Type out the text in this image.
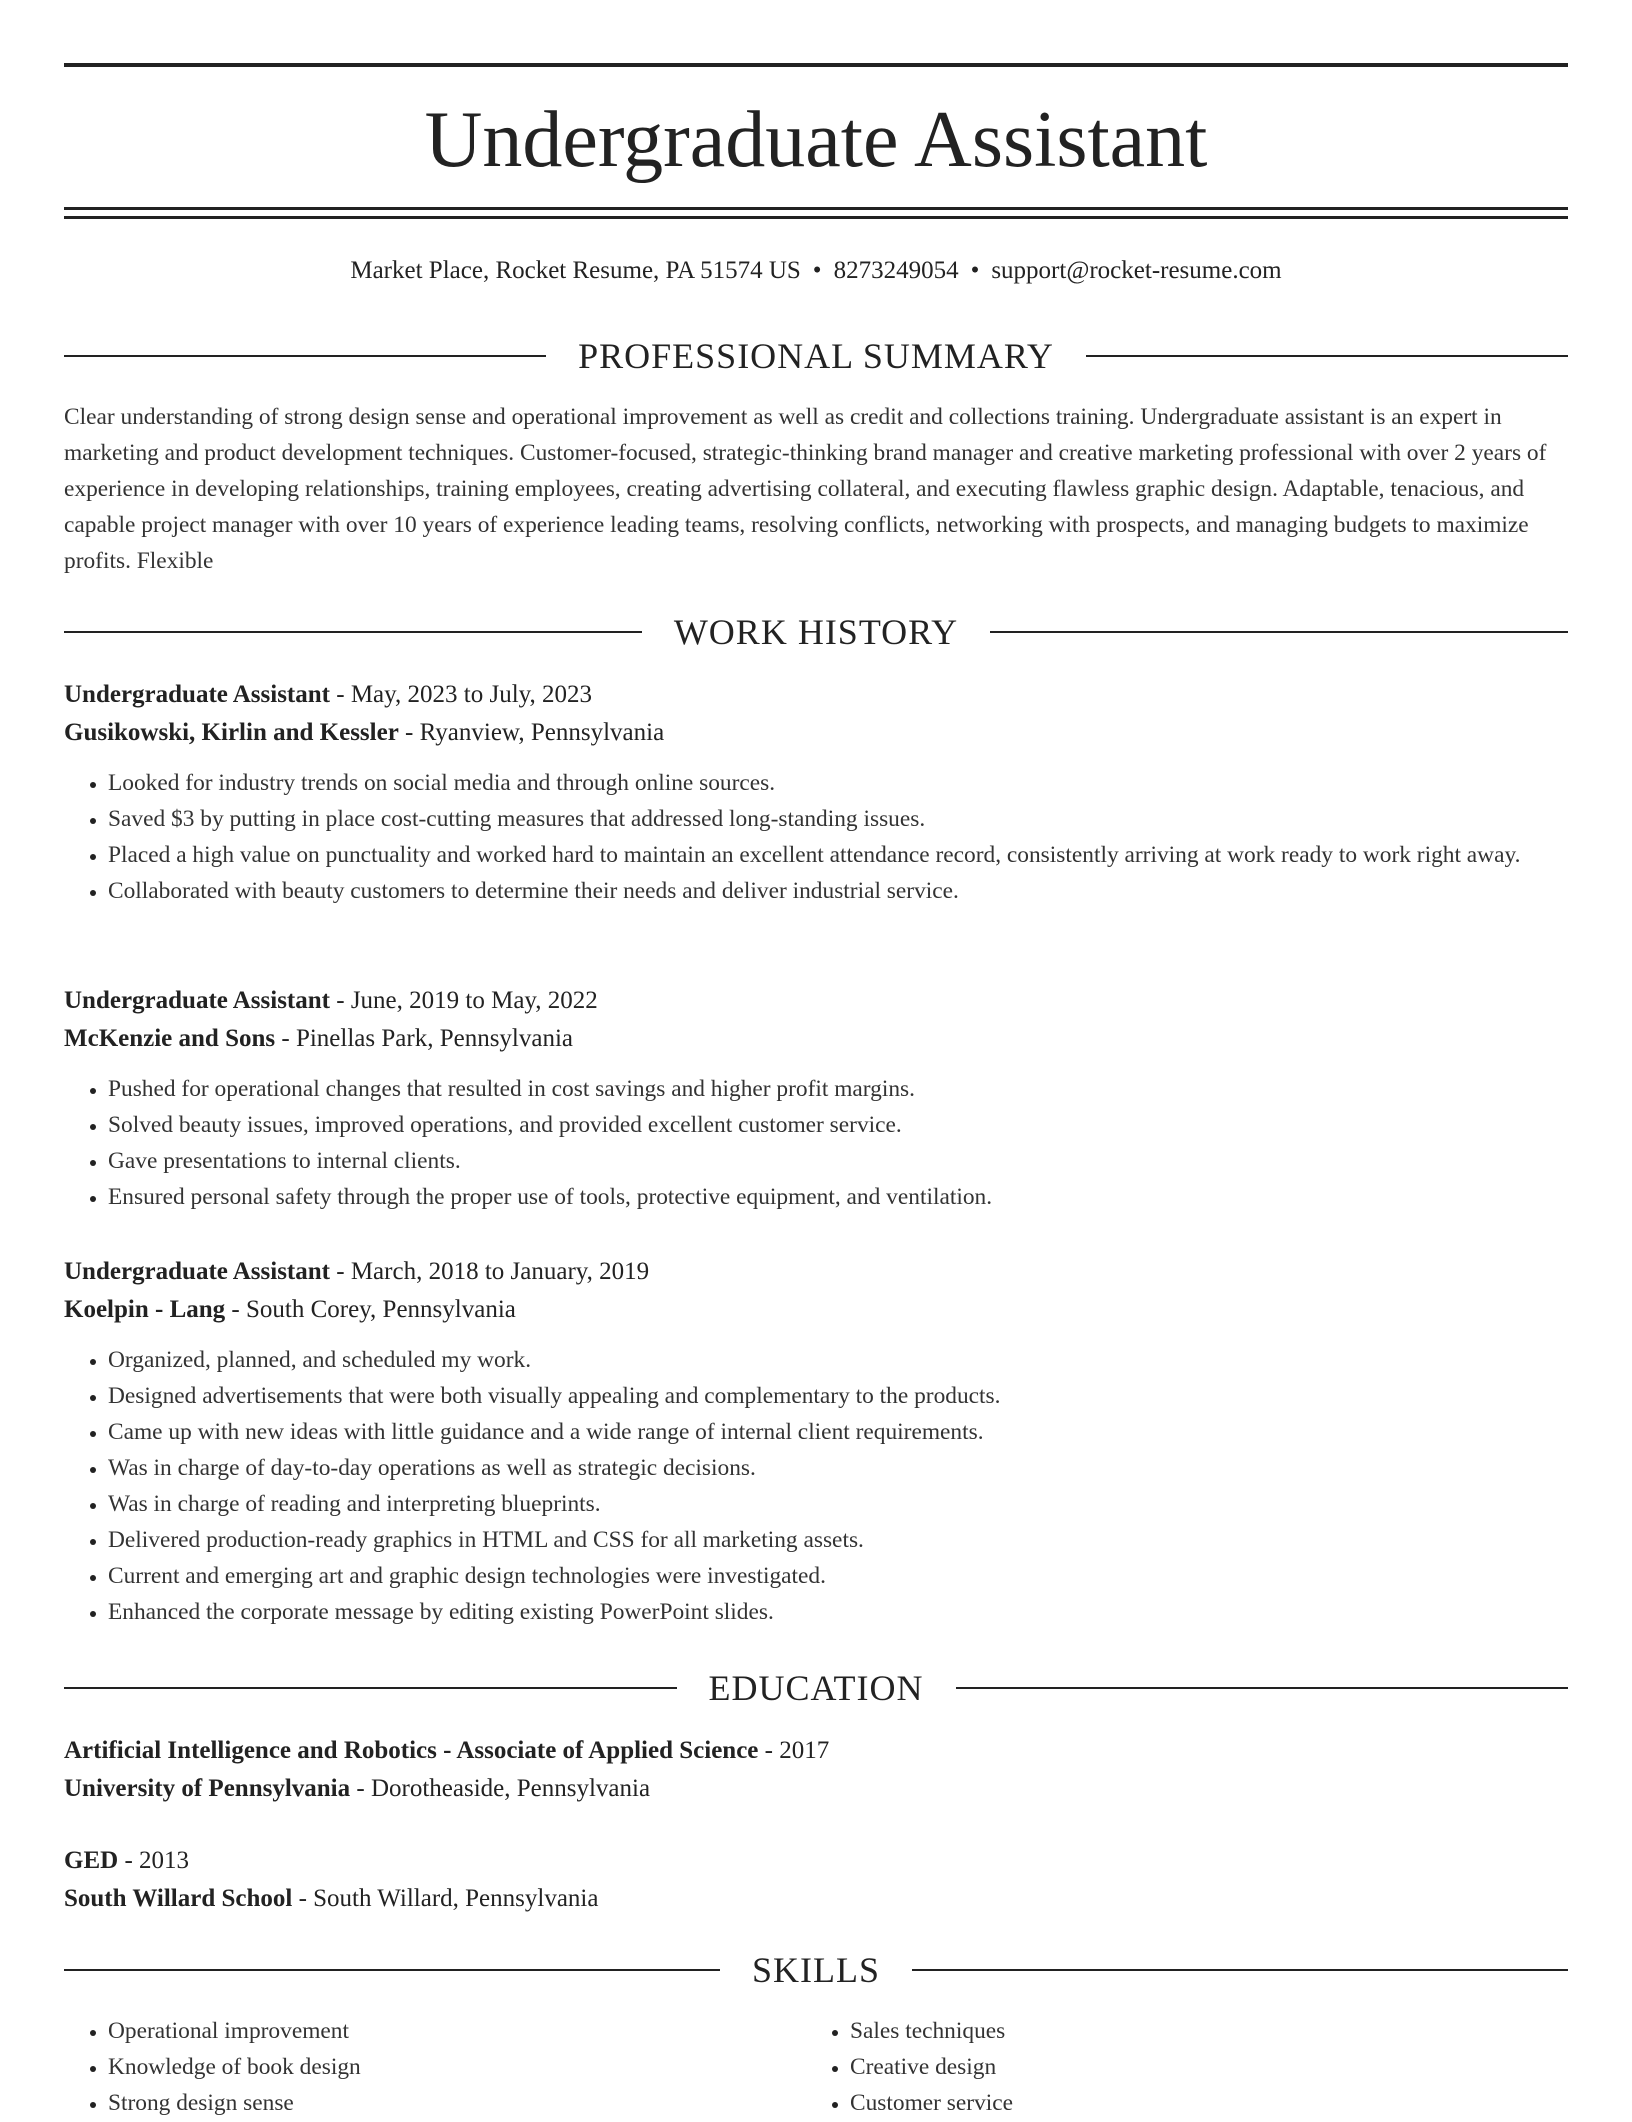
Undergraduate Assistant
Market Place, Rocket Resume, PA 51574 US • 8273249054 • support@rocket-resume.com
PROFESSIONAL SUMMARY

Clear understanding of strong design sense and operational improvement as well as credit and collections training. Undergraduate assistant is an expert in marketing and product development techniques. Customer-focused, strategic-thinking brand manager and creative marketing professional with over 2 years of experience in developing relationships, training employees, creating advertising collateral, and executing flawless graphic design. Adaptable, tenacious, and capable project manager with over 10 years of experience leading teams, resolving conflicts, networking with prospects, and managing budgets to maximize profits. Flexible

WORK HISTORY

Undergraduate Assistant - May, 2023 to July, 2023

Gusikowski, Kirlin and Kessler - Ryanview, Pennsylvania

• Looked for industry trends on social media and through online sources.
• Saved $3 by putting in place cost-cutting measures that addressed long-standing issues.
• Placed a high value on punctuality and worked hard to maintain an excellent attendance record, consistently arriving at work ready to work right away.
• Collaborated with beauty customers to determine their needs and deliver industrial service.

Undergraduate Assistant - June, 2019 to May, 2022

McKenzie and Sons - Pinellas Park, Pennsylvania

• Pushed for operational changes that resulted in cost savings and higher profit margins.
• Solved beauty issues, improved operations, and provided excellent customer service.
• Gave presentations to internal clients.
• Ensured personal safety through the proper use of tools, protective equipment, and ventilation.

Undergraduate Assistant - March, 2018 to January, 2019

Koelpin - Lang - South Corey, Pennsylvania

• Organized, planned, and scheduled my work.
• Designed advertisements that were both visually appealing and complementary to the products.
• Came up with new ideas with little guidance and a wide range of internal client requirements.
• Was in charge of day-to-day operations as well as strategic decisions.
• Was in charge of reading and interpreting blueprints.
• Delivered production-ready graphics in HTML and CSS for all marketing assets.
• Current and emerging art and graphic design technologies were investigated.
• Enhanced the corporate message by editing existing PowerPoint slides.
EDUCATION

Artificial Intelligence and Robotics - Associate of Applied Science - 2017

University of Pennsylvania - Dorotheaside, Pennsylvania

GED - 2013

South Willard School - South Willard, Pennsylvania

SKILLS
• Operational improvement
• Knowledge of book design
• Strong design sense
• Sales techniques
• Creative design
• Customer service
